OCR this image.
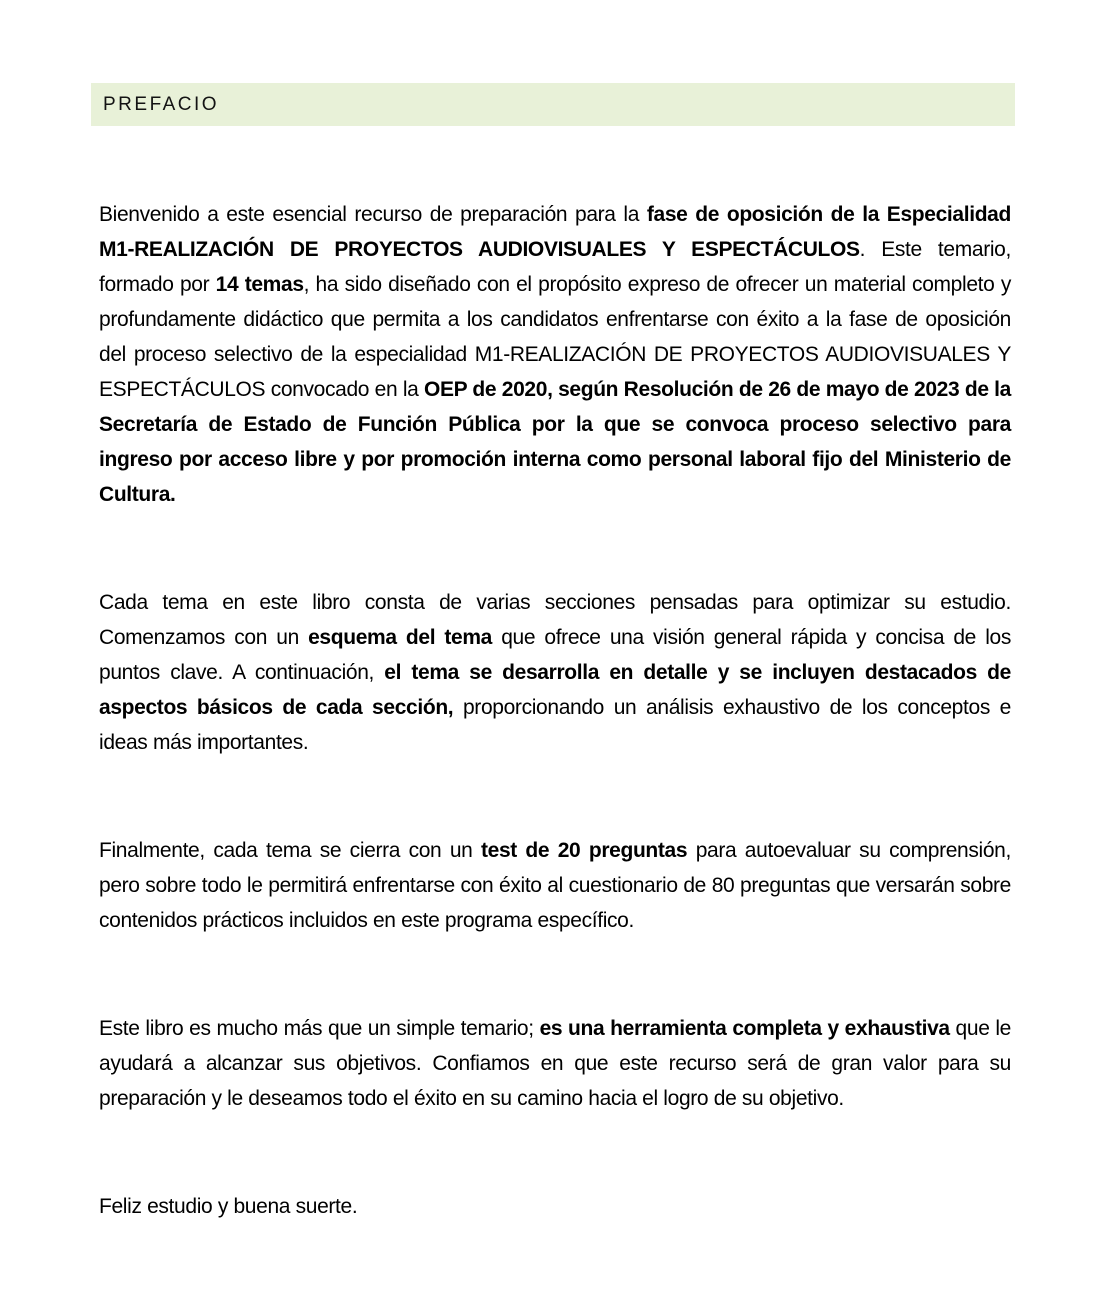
PREFACIO

Bienvenido a este esencial recurso de preparación para la fase de oposición de la Especialidad M1-REALIZACIÓN DE PROYECTOS AUDIOVISUALES Y ESPECTÁCULOS. Este temario, formado por 14 temas, ha sido diseñado con el propósito expreso de ofrecer un material completo y profundamente didáctico que permita a los candidatos enfrentarse con éxito a la fase de oposición del proceso selectivo de la especialidad M1-REALIZACIÓN DE PROYECTOS AUDIOVISUALES Y ESPECTÁCULOS convocado en la OEP de 2020, según Resolución de 26 de mayo de 2023 de la Secretaría de Estado de Función Pública por la que se convoca proceso selectivo para ingreso por acceso libre y por promoción interna como personal laboral fijo del Ministerio de Cultura.

Cada tema en este libro consta de varias secciones pensadas para optimizar su estudio. Comenzamos con un esquema del tema que ofrece una visión general rápida y concisa de los puntos clave. A continuación, el tema se desarrolla en detalle y se incluyen destacados de aspectos básicos de cada sección, proporcionando un análisis exhaustivo de los conceptos e ideas más importantes.

Finalmente, cada tema se cierra con un test de 20 preguntas para autoevaluar su comprensión, pero sobre todo le permitirá enfrentarse con éxito al cuestionario de 80 preguntas que versarán sobre contenidos prácticos incluidos en este programa específico.

Este libro es mucho más que un simple temario; es una herramienta completa y exhaustiva que le ayudará a alcanzar sus objetivos. Confiamos en que este recurso será de gran valor para su preparación y le deseamos todo el éxito en su camino hacia el logro de su objetivo.

Feliz estudio y buena suerte.
